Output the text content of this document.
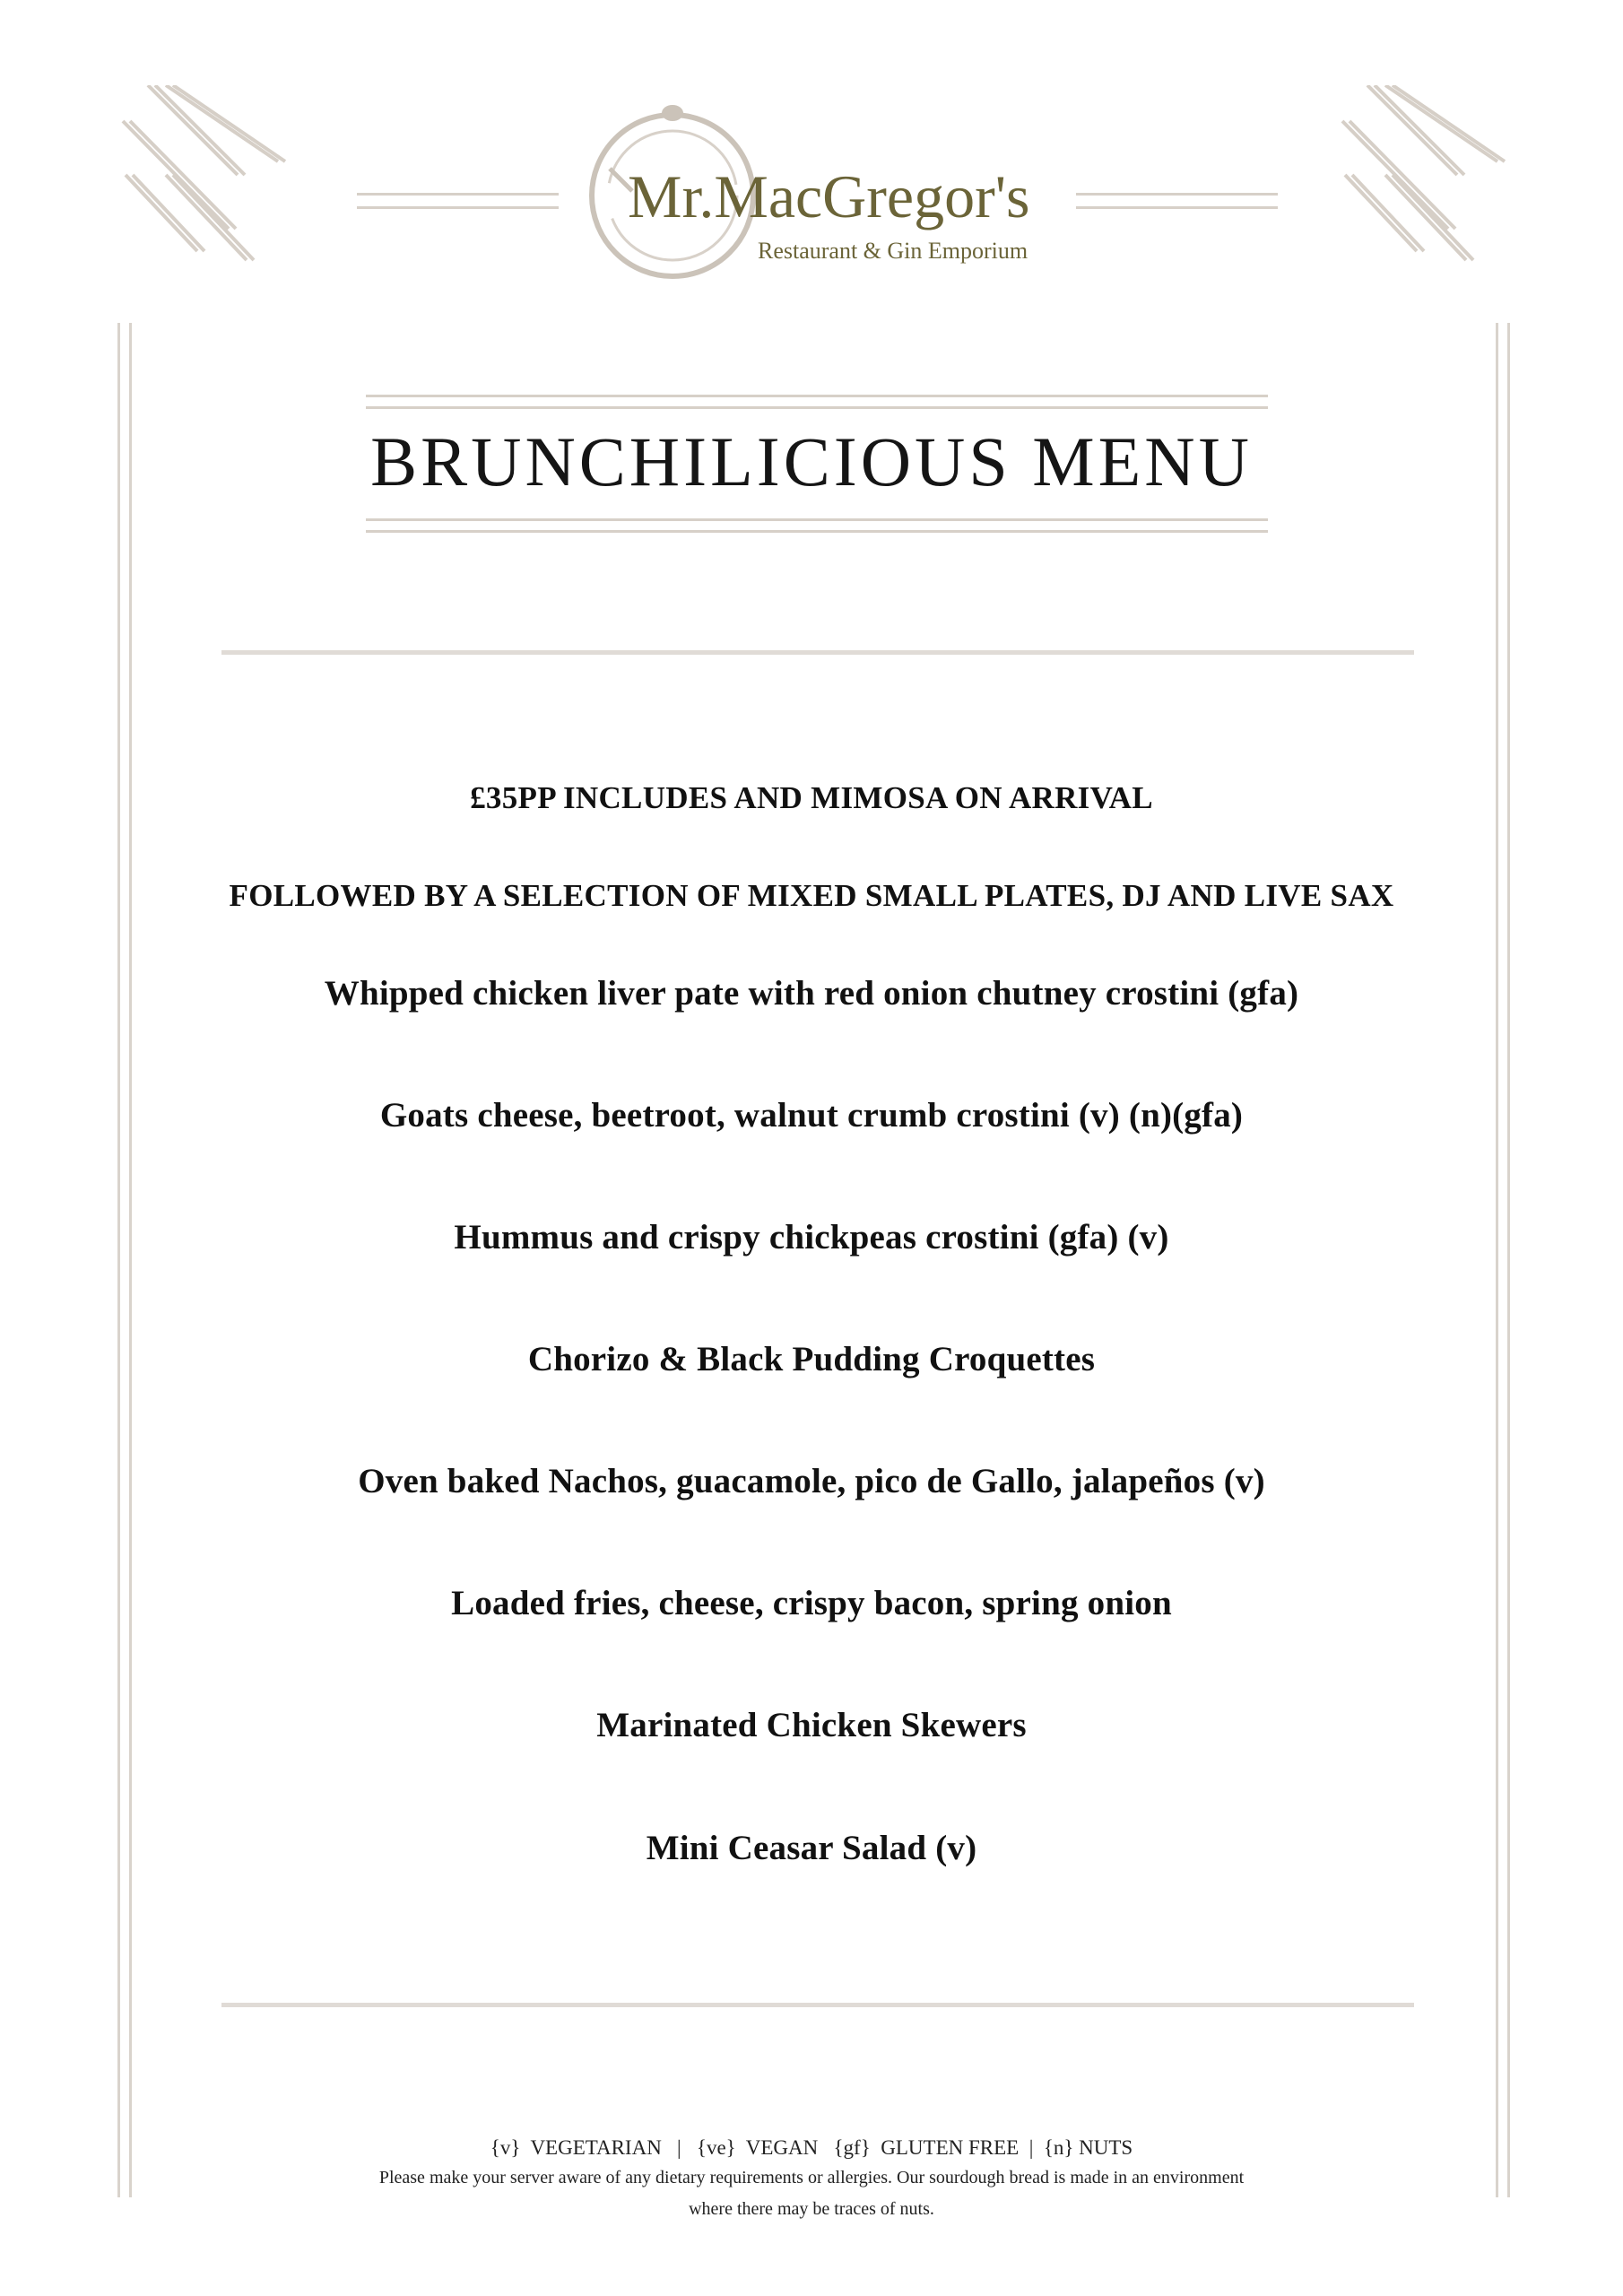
Mr.MacGregor's
Restaurant & Gin Emporium
BRUNCHILICIOUS MENU
£35PP INCLUDES AND MIMOSA ON ARRIVAL
FOLLOWED BY A SELECTION OF MIXED SMALL PLATES, DJ AND LIVE SAX
Whipped chicken liver pate with red onion chutney crostini (gfa)
Goats cheese, beetroot, walnut crumb crostini (v) (n)(gfa)
Hummus and crispy chickpeas crostini (gfa) (v)
Chorizo & Black Pudding Croquettes
Oven baked Nachos, guacamole, pico de Gallo, jalapeños (v)
Loaded fries, cheese, crispy bacon, spring onion
Marinated Chicken Skewers
Mini Ceasar Salad (v)
{v}  VEGETARIAN   |   {ve}  VEGAN   {gf}  GLUTEN FREE  |  {n} NUTS
Please make your server aware of any dietary requirements or allergies. Our sourdough bread is made in an environment
where there may be traces of nuts.
